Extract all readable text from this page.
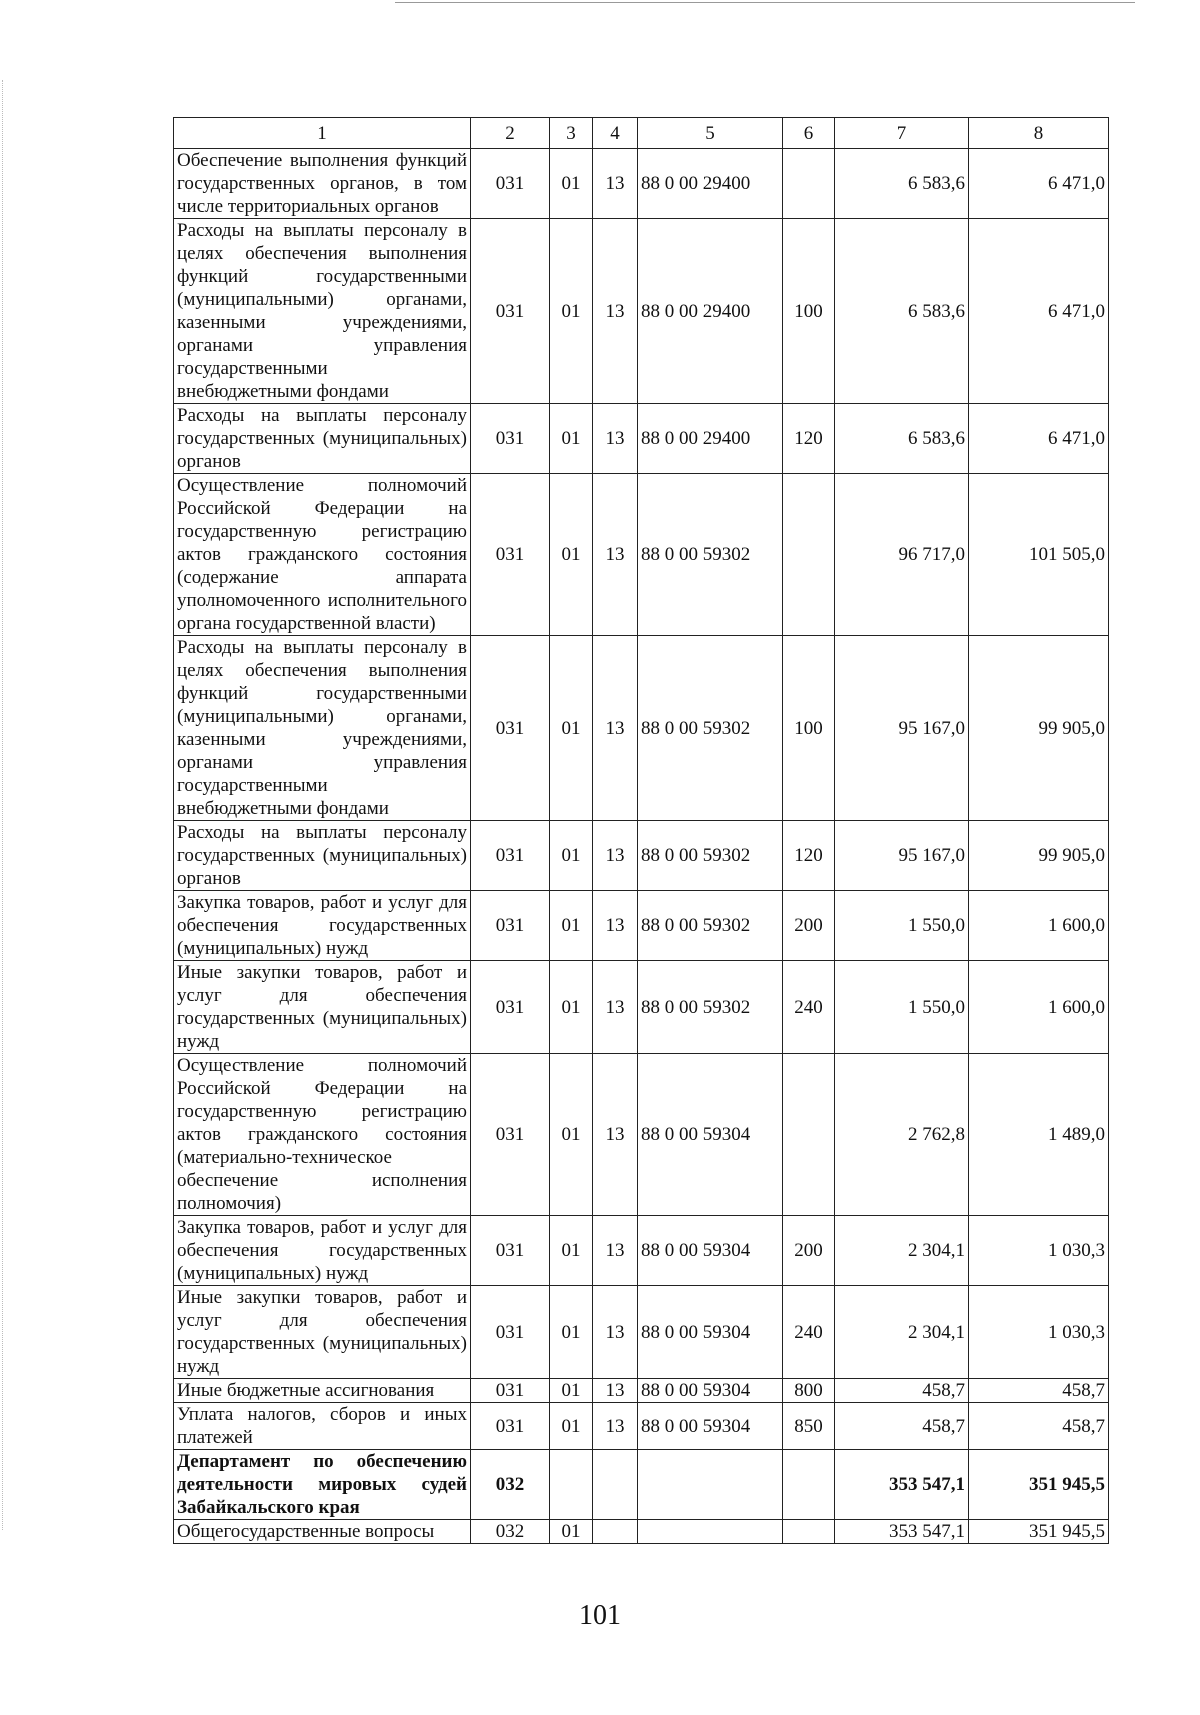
1	2	3	4	5	6	7	8
Обеспечение выполнения функций государственных органов, в том числе территориальных органов	031	01	13	88 0 00 29400		6 583,6	6 471,0
Расходы на выплаты персоналу в целях обеспечения выполнения функций государственными (муниципальными) органами, казенными учреждениями, органами управления государственными внебюджетными фондами	031	01	13	88 0 00 29400	100	6 583,6	6 471,0
Расходы на выплаты персоналу государственных (муниципальных) органов	031	01	13	88 0 00 29400	120	6 583,6	6 471,0
Осуществление полномочий Российской Федерации на государственную регистрацию актов гражданского состояния (содержание аппарата уполномоченного исполнительного органа государственной власти)	031	01	13	88 0 00 59302		96 717,0	101 505,0
Расходы на выплаты персоналу в целях обеспечения выполнения функций государственными (муниципальными) органами, казенными учреждениями, органами управления государственными внебюджетными фондами	031	01	13	88 0 00 59302	100	95 167,0	99 905,0
Расходы на выплаты персоналу государственных (муниципальных) органов	031	01	13	88 0 00 59302	120	95 167,0	99 905,0
Закупка товаров, работ и услуг для обеспечения государственных (муниципальных) нужд	031	01	13	88 0 00 59302	200	1 550,0	1 600,0
Иные закупки товаров, работ и услуг для обеспечения государственных (муниципальных) нужд	031	01	13	88 0 00 59302	240	1 550,0	1 600,0
Осуществление полномочий Российской Федерации на государственную регистрацию актов гражданского состояния (материально-техническое обеспечение исполнения полномочия)	031	01	13	88 0 00 59304		2 762,8	1 489,0
Закупка товаров, работ и услуг для обеспечения государственных (муниципальных) нужд	031	01	13	88 0 00 59304	200	2 304,1	1 030,3
Иные закупки товаров, работ и услуг для обеспечения государственных (муниципальных) нужд	031	01	13	88 0 00 59304	240	2 304,1	1 030,3
Иные бюджетные ассигнования	031	01	13	88 0 00 59304	800	458,7	458,7
Уплата налогов, сборов и иных платежей	031	01	13	88 0 00 59304	850	458,7	458,7
Департамент по обеспечению деятельности мировых судей Забайкальского края	032					353 547,1	351 945,5
Общегосударственные вопросы	032	01				353 547,1	351 945,5
101
